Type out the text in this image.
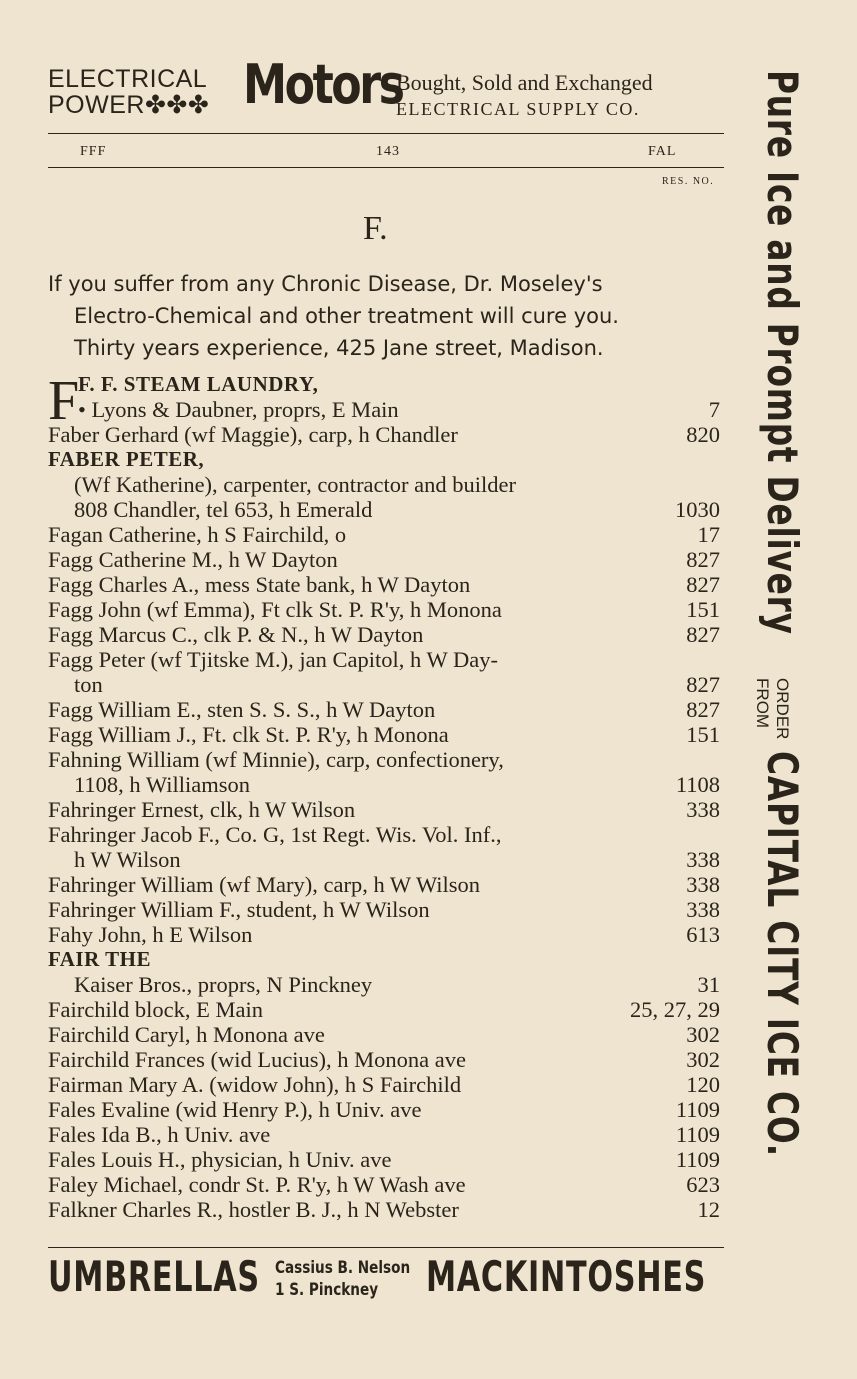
ELECTRICAL
POWER✤✤✤ Motors
Bought, Sold and Exchanged
ELECTRICAL SUPPLY CO.
FFF	143	FAL
RES. NO.
F.
If you suffer from any Chronic Disease, Dr. Moseley's
Electro-Chemical and other treatment will cure you.
Thirty years experience, 425 Jane street, Madison.
F
F. F. STEAM LAUNDRY,
• Lyons & Daubner, proprs, E Main	7
Faber Gerhard (wf Maggie), carp, h Chandler	820
FABER PETER,
(Wf Katherine), carpenter, contractor and builder
808 Chandler, tel 653, h Emerald	1030
Fagan Catherine, h S Fairchild, o	17
Fagg Catherine M., h W Dayton	827
Fagg Charles A., mess State bank, h W Dayton	827
Fagg John (wf Emma), Ft clk St. P. R'y, h Monona	151
Fagg Marcus C., clk P. & N., h W Dayton	827
Fagg Peter (wf Tjitske M.), jan Capitol, h W Day-
ton	827
Fagg William E., sten S. S. S., h W Dayton	827
Fagg William J., Ft. clk St. P. R'y, h Monona	151
Fahning William (wf Minnie), carp, confectionery,
1108, h Williamson	1108
Fahringer Ernest, clk, h W Wilson	338
Fahringer Jacob F., Co. G, 1st Regt. Wis. Vol. Inf.,
h W Wilson	338
Fahringer William (wf Mary), carp, h W Wilson	338
Fahringer William F., student, h W Wilson	338
Fahy John, h E Wilson	613
FAIR THE
Kaiser Bros., proprs, N Pinckney	31
Fairchild block, E Main	25, 27, 29
Fairchild Caryl, h Monona ave	302
Fairchild Frances (wid Lucius), h Monona ave	302
Fairman Mary A. (widow John), h S Fairchild	120
Fales Evaline (wid Henry P.), h Univ. ave	1109
Fales Ida B., h Univ. ave	1109
Fales Louis H., physician, h Univ. ave	1109
Faley Michael, condr St. P. R'y, h W Wash ave	623
Falkner Charles R., hostler B. J., h N Webster	12
UMBRELLAS Cassius B. Nelson
1 S. Pinckney	MACKINTOSHES
Pure Ice and Prompt Delivery
ORDER
FROM
CAPITAL CITY ICE CO.
